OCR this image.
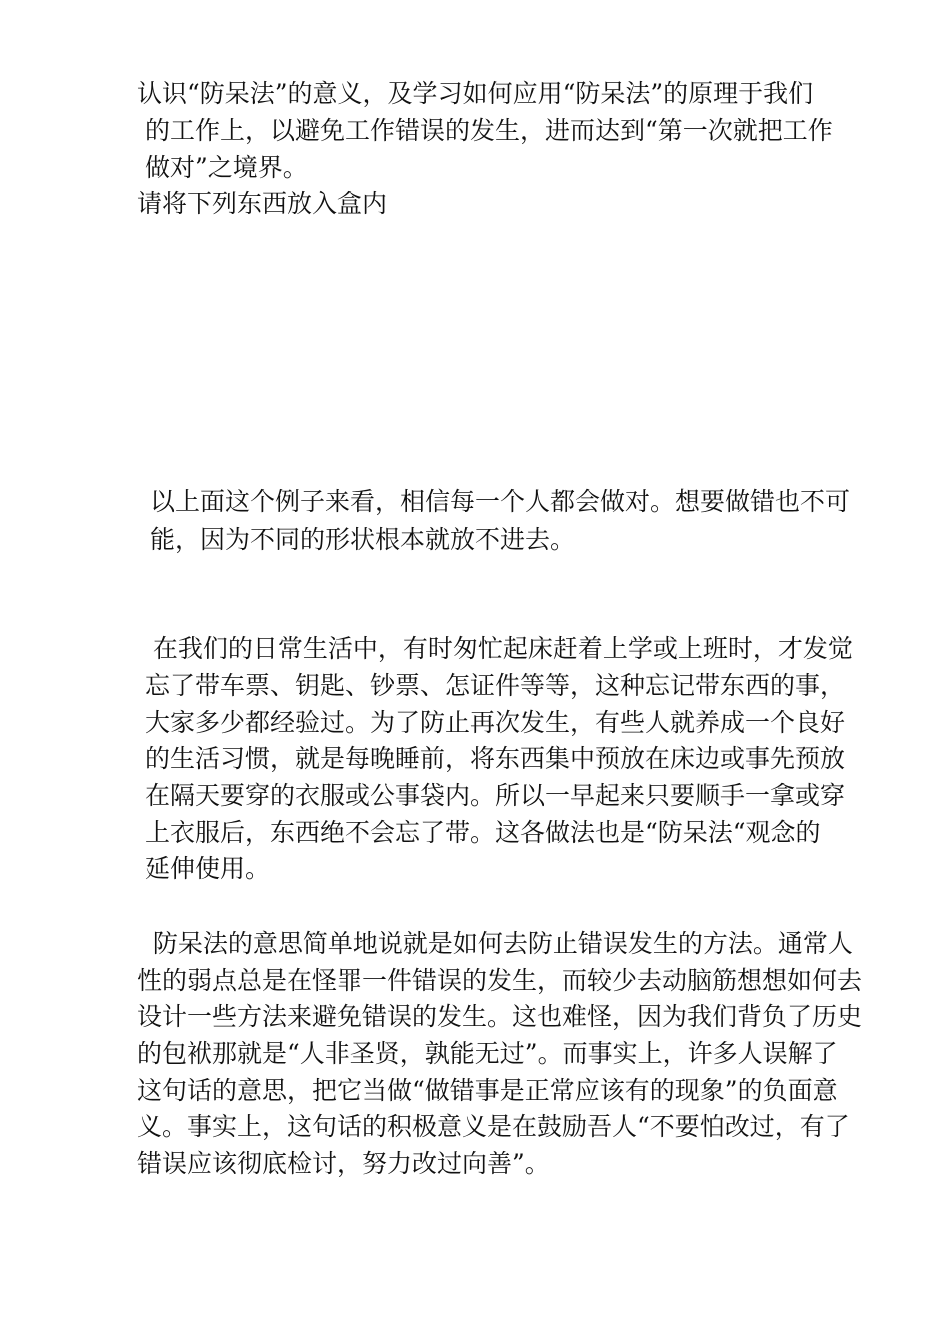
认识“防呆法”的意义，及学习如何应用“防呆法”的原理于我们
的工作上，以避免工作错误的发生，进而达到“第一次就把工作
做对”之境界。
请将下列东西放入盒内
以上面这个例子来看，相信每一个人都会做对。想要做错也不可
能，因为不同的形状根本就放不进去。
在我们的日常生活中，有时匆忙起床赶着上学或上班时，才发觉
忘了带车票、钥匙、钞票、怎证件等等，这种忘记带东西的事，
大家多少都经验过。为了防止再次发生，有些人就养成一个良好
的生活习惯，就是每晚睡前，将东西集中预放在床边或事先预放
在隔天要穿的衣服或公事袋内。所以一早起来只要顺手一拿或穿
上衣服后，东西绝不会忘了带。这各做法也是“防呆法“观念的
延伸使用。
防呆法的意思简单地说就是如何去防止错误发生的方法。通常人
性的弱点总是在怪罪一件错误的发生，而较少去动脑筋想想如何去
设计一些方法来避免错误的发生。这也难怪，因为我们背负了历史
的包袱那就是“人非圣贤，孰能无过”。而事实上，许多人误解了
这句话的意思，把它当做“做错事是正常应该有的现象”的负面意
义。事实上，这句话的积极意义是在鼓励吾人“不要怕改过，有了
错误应该彻底检讨，努力改过向善”。
